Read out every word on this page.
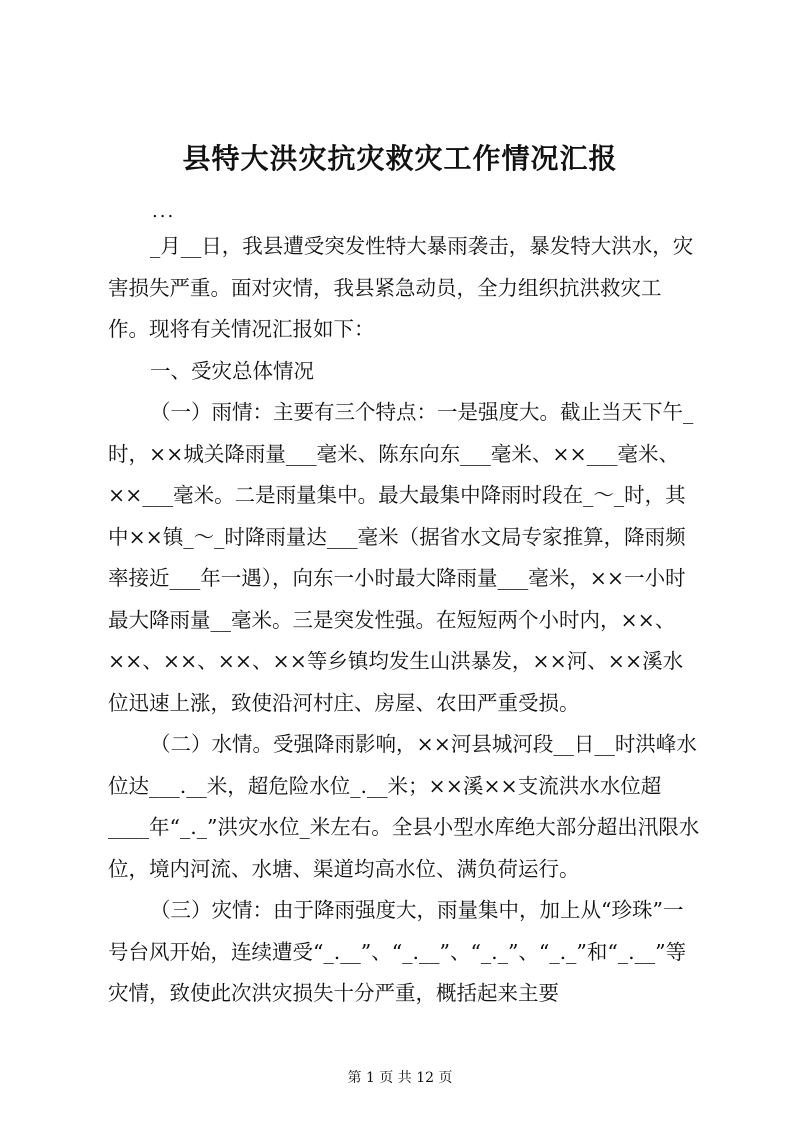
县特大洪灾抗灾救灾工作情况汇报
...

_月__日，我县遭受突发性特大暴雨袭击，暴发特大洪水，灾害损失严重。面对灾情，我县紧急动员，全力组织抗洪救灾工作。现将有关情况汇报如下：

一、受灾总体情况

（一）雨情：主要有三个特点：一是强度大。截止当天下午_时，××城关降雨量___毫米、陈东向东___毫米、××___毫米、××___毫米。二是雨量集中。最大最集中降雨时段在_～_时，其中××镇_～_时降雨量达___毫米（据省水文局专家推算，降雨频率接近___年一遇），向东一小时最大降雨量___毫米，××一小时最大降雨量__毫米。三是突发性强。在短短两个小时内，××、××、××、××、××等乡镇均发生山洪暴发，××河、××溪水位迅速上涨，致使沿河村庄、房屋、农田严重受损。

（二）水情。受强降雨影响，××河县城河段__日__时洪峰水位达___.__米，超危险水位_.__米；××溪××支流洪水水位超____年“_._”洪灾水位_米左右。全县小型水库绝大部分超出汛限水位，境内河流、水塘、渠道均高水位、满负荷运行。

（三）灾情：由于降雨强度大，雨量集中，加上从“珍珠”一号台风开始，连续遭受“_.__”、“_.__”、“_._”、“_._”和“_.__”等灾情，致使此次洪灾损失十分严重，概括起来主要

第 1 页 共 12 页
